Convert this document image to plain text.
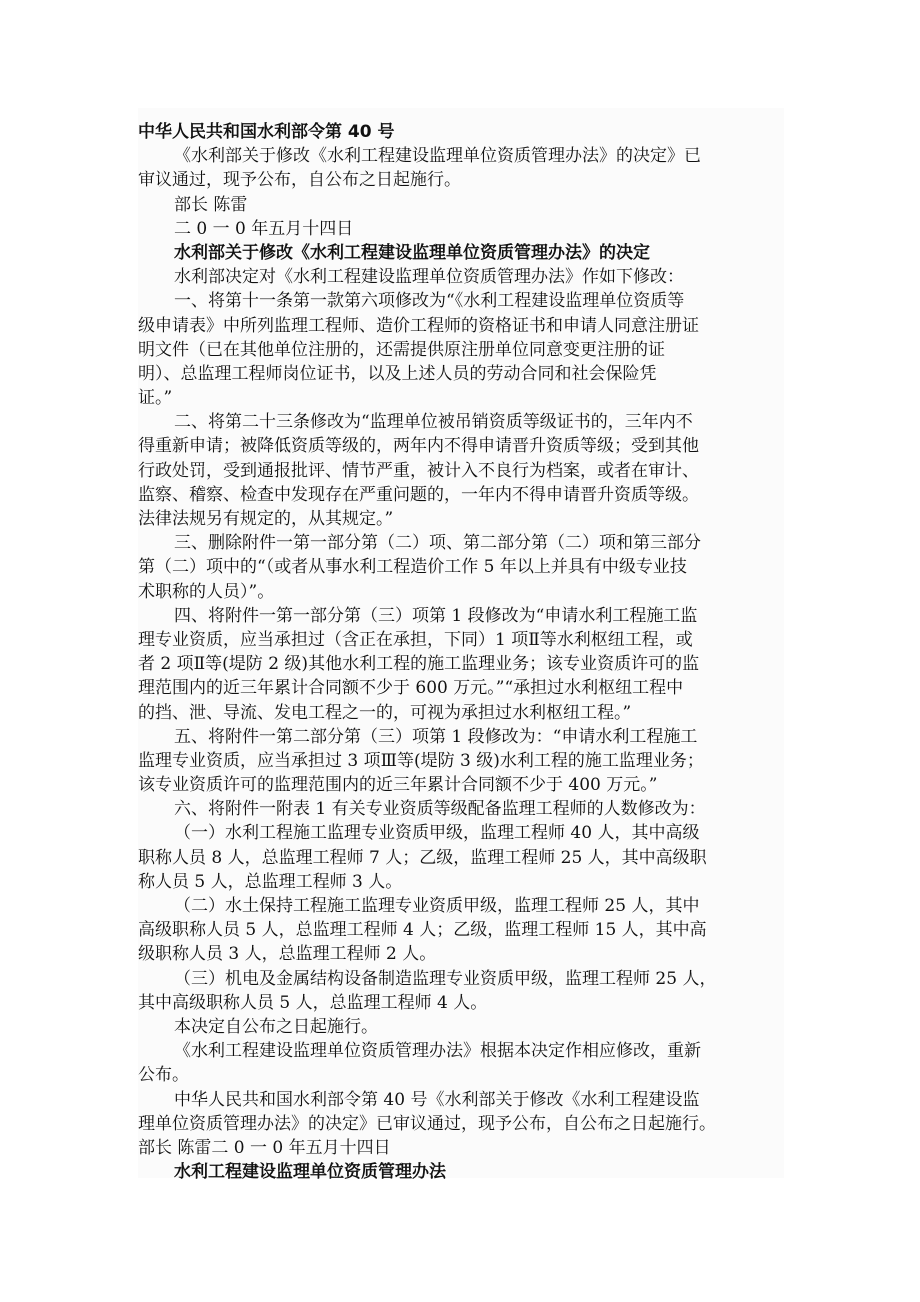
中华人民共和国水利部令第 40 号
《水利部关于修改《水利工程建设监理单位资质管理办法》的决定》已
审议通过，现予公布，自公布之日起施行。
部长 陈雷
二 0 一 0 年五月十四日
水利部关于修改《水利工程建设监理单位资质管理办法》的决定
水利部决定对《水利工程建设监理单位资质管理办法》作如下修改：
一、将第十一条第一款第六项修改为“《水利工程建设监理单位资质等
级申请表》中所列监理工程师、造价工程师的资格证书和申请人同意注册证
明文件（已在其他单位注册的，还需提供原注册单位同意变更注册的证
明）、总监理工程师岗位证书，以及上述人员的劳动合同和社会保险凭
证。”
二、将第二十三条修改为“监理单位被吊销资质等级证书的，三年内不
得重新申请；被降低资质等级的，两年内不得申请晋升资质等级；受到其他
行政处罚，受到通报批评、情节严重，被计入不良行为档案，或者在审计、
监察、稽察、检查中发现存在严重问题的，一年内不得申请晋升资质等级。
法律法规另有规定的，从其规定。”
三、删除附件一第一部分第（二）项、第二部分第（二）项和第三部分
第（二）项中的“（或者从事水利工程造价工作 5 年以上并具有中级专业技
术职称的人员）”。
四、将附件一第一部分第（三）项第 1 段修改为“申请水利工程施工监
理专业资质，应当承担过（含正在承担，下同）1 项Ⅱ等水利枢纽工程，或
者 2 项Ⅱ等(堤防 2 级)其他水利工程的施工监理业务；该专业资质许可的监
理范围内的近三年累计合同额不少于 600 万元。”“承担过水利枢纽工程中
的挡、泄、导流、发电工程之一的，可视为承担过水利枢纽工程。”
五、将附件一第二部分第（三）项第 1 段修改为：“申请水利工程施工
监理专业资质，应当承担过 3 项Ⅲ等(堤防 3 级)水利工程的施工监理业务；
该专业资质许可的监理范围内的近三年累计合同额不少于 400 万元。”
六、将附件一附表 1 有关专业资质等级配备监理工程师的人数修改为：
（一）水利工程施工监理专业资质甲级，监理工程师 40 人，其中高级
职称人员 8 人，总监理工程师 7 人；乙级，监理工程师 25 人，其中高级职
称人员 5 人，总监理工程师 3 人。
（二）水土保持工程施工监理专业资质甲级，监理工程师 25 人，其中
高级职称人员 5 人，总监理工程师 4 人；乙级，监理工程师 15 人，其中高
级职称人员 3 人，总监理工程师 2 人。
（三）机电及金属结构设备制造监理专业资质甲级，监理工程师 25 人，
其中高级职称人员 5 人，总监理工程师 4 人。
本决定自公布之日起施行。
《水利工程建设监理单位资质管理办法》根据本决定作相应修改，重新
公布。
中华人民共和国水利部令第 40 号《水利部关于修改《水利工程建设监
理单位资质管理办法》的决定》已审议通过，现予公布，自公布之日起施行。
部长 陈雷二 0 一 0 年五月十四日
水利工程建设监理单位资质管理办法
